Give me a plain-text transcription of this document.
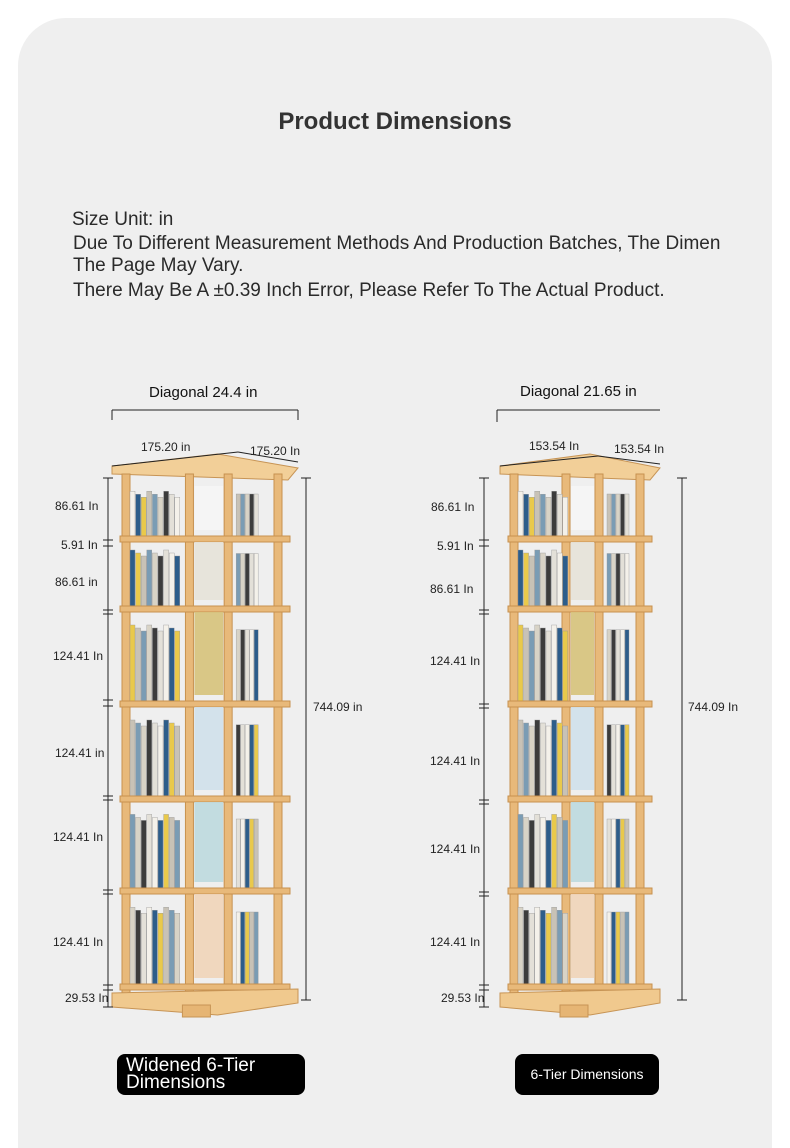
Product Dimensions
Size Unit: in
Due To Different Measurement Methods And Production Batches, The Dimen
The Page May Vary.
There May Be A ±0.39 Inch Error, Please Refer To The Actual Product.
Diagonal 24.4 in
175.20 in	175.20 In
744.09 in
86.61 In
5.91 In
86.61 in
124.41 In
124.41 in
124.41 In
124.41 In
29.53 In
Diagonal 21.65 in
153.54 In	153.54 In
744.09 In
86.61 In
5.91 In
86.61 In
124.41 In
124.41 In
124.41 In
124.41 In
29.53 In
Widened 6-Tier Dimensions	6-Tier Dimensions
